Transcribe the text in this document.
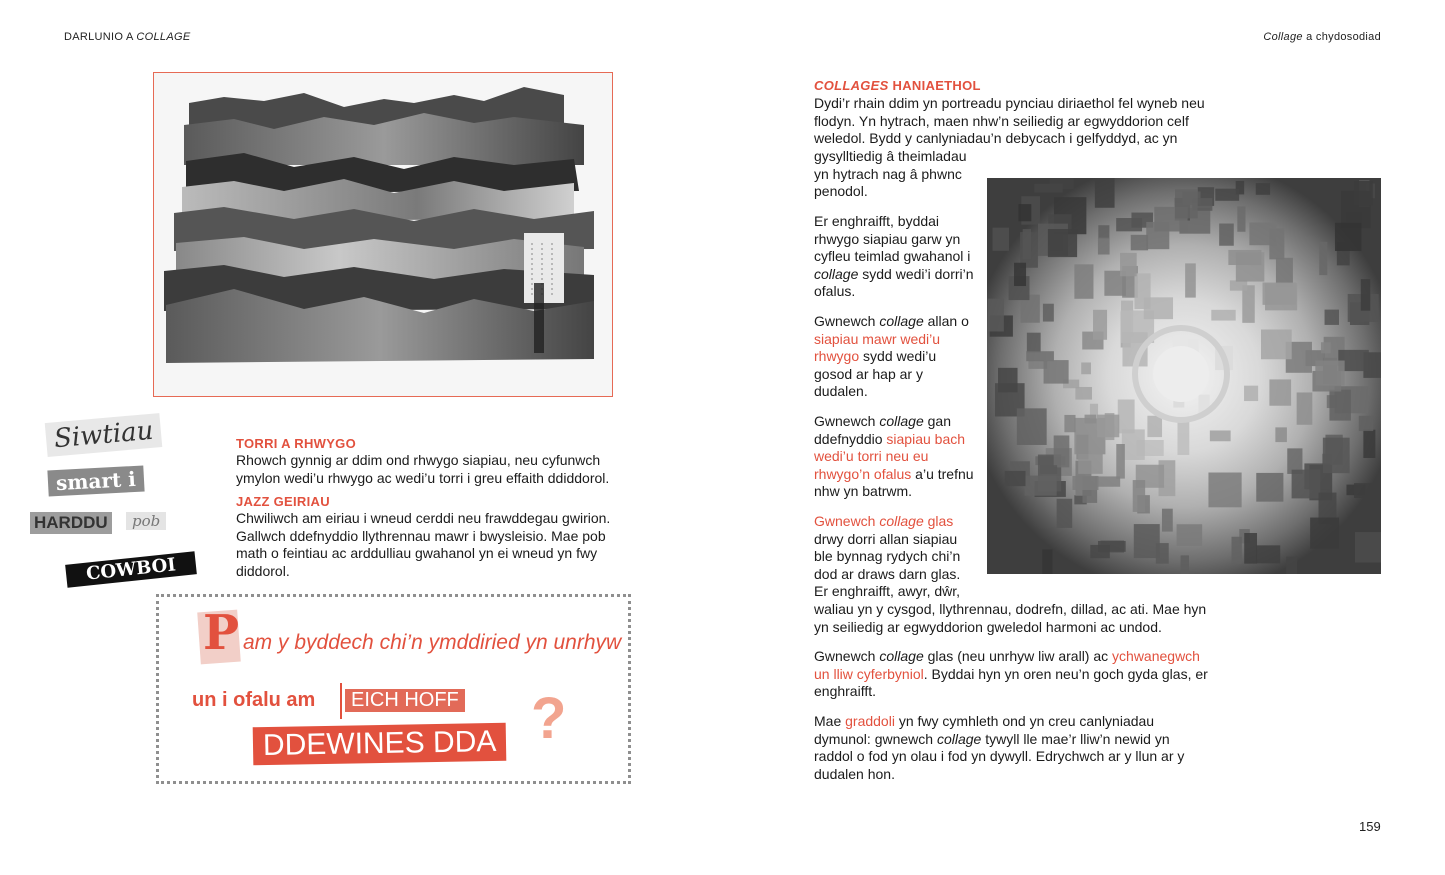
DARLUNIO A COLLAGE	Collage a chydosodiad
Siwtiau
smart i
HARDDU	pob
COWBOI
TORRI A RHWYGO
Rhowch gynnig ar ddim ond rhwygo siapiau, neu cyfunwch ymylon wedi’u rhwygo ac wedi’u torri i greu effaith ddiddorol.
JAZZ GEIRIAU
Chwiliwch am eiriau i wneud cerddi neu frawddegau gwirion. Gallwch ddefnyddio llythrennau mawr i bwysleisio. Mae pob math o feintiau ac arddulliau gwahanol yn ei wneud yn fwy diddorol.
P am y byddech chi’n ymddiried yn unrhyw
un i ofalu am	EICH HOFF
DDEWINES DDA ?
COLLAGES HANIAETHOL
Dydi’r rhain ddim yn portreadu pynciau diriaethol fel wyneb neu flodyn. Yn hytrach, maen nhw’n seiliedig ar egwyddorion celf weledol. Bydd y canlyniadau’n debycach i gelfyddyd, ac yn
gysylltiedig â theimladau yn hytrach nag â phwnc penodol.
Er enghraifft, byddai rhwygo siapiau garw yn cyfleu teimlad gwahanol i collage sydd wedi’i dorri’n ofalus.
Gwnewch collage allan o siapiau mawr wedi’u rhwygo sydd wedi’u gosod ar hap ar y dudalen.
Gwnewch collage gan ddefnyddio siapiau bach wedi’u torri neu eu rhwygo’n ofalus a’u trefnu nhw yn batrwm.
Gwnewch collage glas drwy dorri allan siapiau ble bynnag rydych chi’n dod ar draws darn glas. Er enghraifft, awyr, dŵr,
waliau yn y cysgod, llythrennau, dodrefn, dillad, ac ati. Mae hyn yn seiliedig ar egwyddorion gweledol harmoni ac undod.
Gwnewch collage glas (neu unrhyw liw arall) ac ychwanegwch un lliw cyferbyniol. Byddai hyn yn oren neu’n goch gyda glas, er enghraifft.
Mae graddoli yn fwy cymhleth ond yn creu canlyniadau dymunol: gwnewch collage tywyll lle mae’r lliw’n newid yn raddol o fod yn olau i fod yn dywyll. Edrychwch ar y llun ar y dudalen hon.
159
